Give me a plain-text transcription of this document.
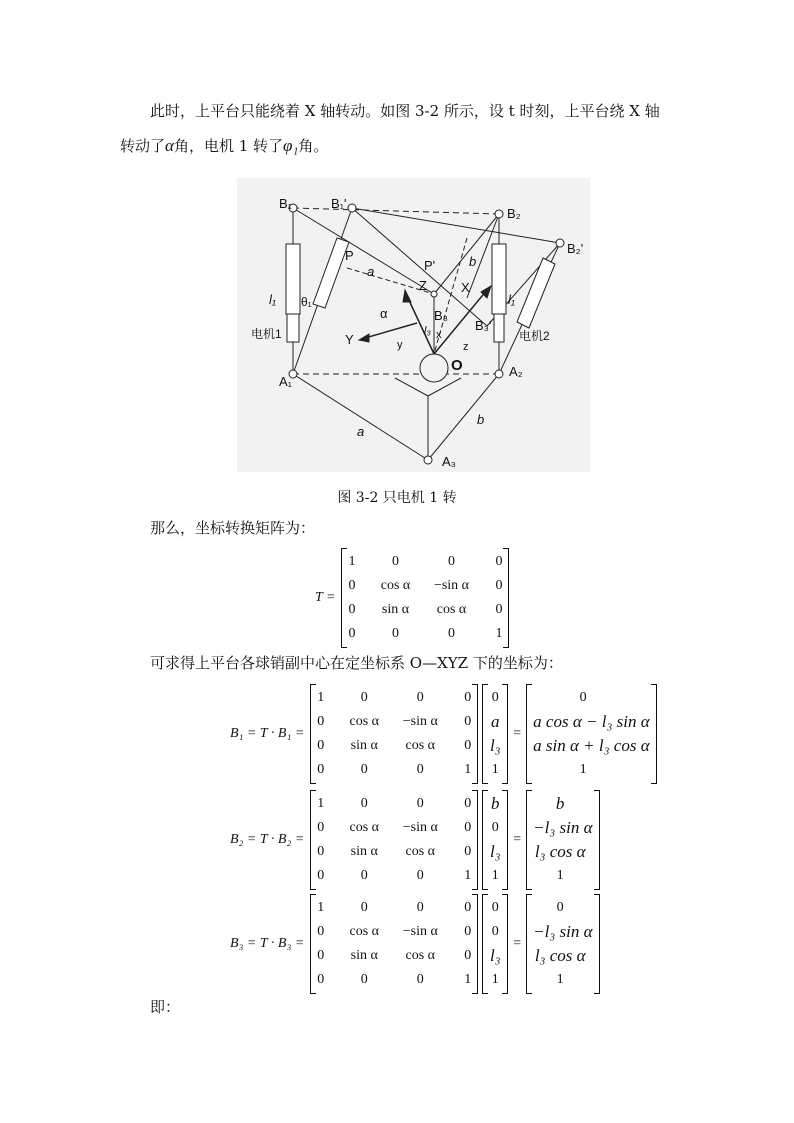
此时，上平台只能绕着 X 轴转动。如图 3-2 所示，设 t 时刻，上平台绕 X 轴
转动了α角，电机 1 转了φ₁角。
B₁	B₁'
B₂
B₂'
B₃
B₃'
A₁
A₂
A₃
P
P'
Z	X
Y	x
y	z
O
α
a
a
b
b
l₁	l₁
l₃
θ₁
电机1	电机2
图 3-2 只电机 1 转
那么，坐标转换矩阵为：
T =
1	0	0	0
0	cos α	−sin α	0
0	sin α	cos α	0
0	0	0	1
可求得上平台各球销副中心在定坐标系 O—XYZ 下的坐标为：
B₁ = T · B₁ =
1	0	0	0
0	cos α	−sin α	0
0	sin α	cos α	0
0	0	0	1
0
a
l₃
1
=
0
a cos α − l₃ sin α
a sin α + l₃ cos α
1
B₂ = T · B₂ =
1	0	0	0
0	cos α	−sin α	0
0	sin α	cos α	0
0	0	0	1
b
0
l₃
1
=
b
−l₃ sin α
l₃ cos α
1
B₃ = T · B₃ =
1	0	0	0
0	cos α	−sin α	0
0	sin α	cos α	0
0	0	0	1
0
0
l₃
1
=
0
−l₃ sin α
l₃ cos α
1
即：
